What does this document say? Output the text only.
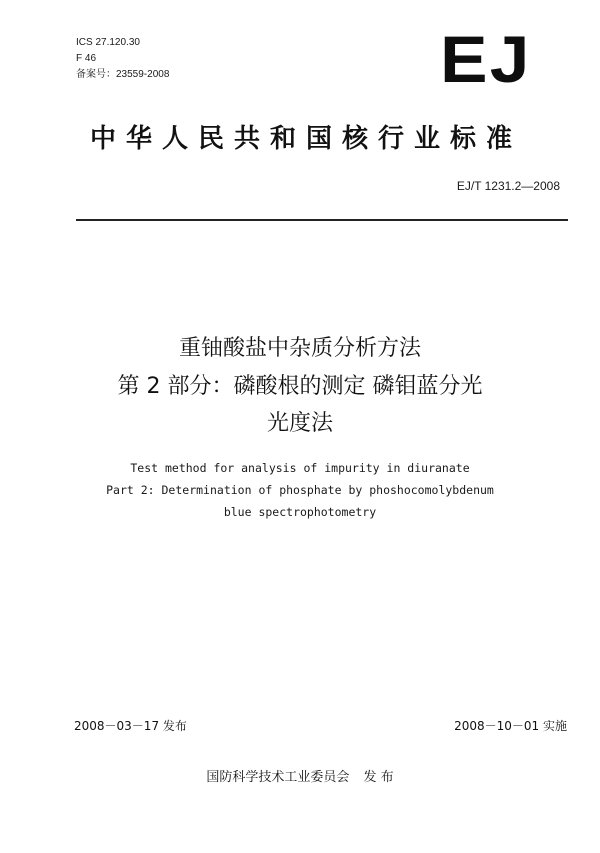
ICS 27.120.30
F 46
备案号：23559-2008	EJ
中华人民共和国核行业标准
EJ/T 1231.2—2008
重铀酸盐中杂质分析方法
第 2 部分：磷酸根的测定 磷钼蓝分光
光度法
Test method for analysis of impurity in diuranate
Part 2: Determination of phosphate by phoshocomolybdenum
blue spectrophotometry
2008－03－17 发布	2008－10－01 实施
国防科学技术工业委员会 发 布
